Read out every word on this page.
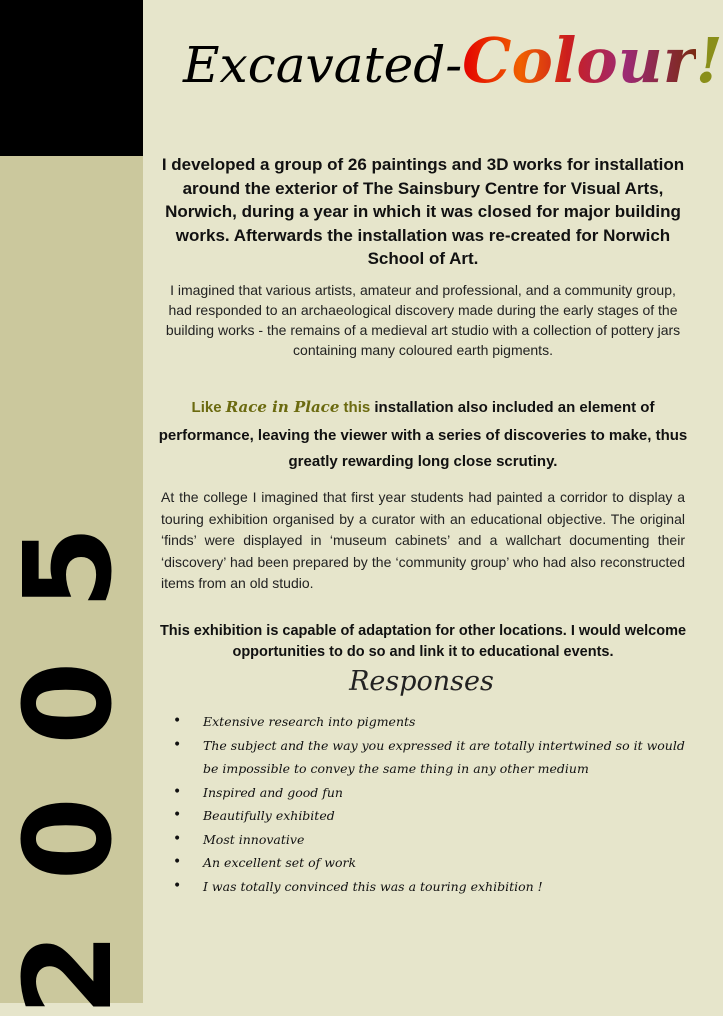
2005
Excavated-Colour!
I developed a group of 26 paintings and 3D works for installation around the exterior of The Sainsbury Centre for Visual Arts, Norwich, during a year in which it was closed for major building works. Afterwards the installation was re-created for Norwich School of Art.
I imagined that various artists, amateur and professional, and a community group, had responded to an archaeological discovery made during the early stages of the building works - the remains of a medieval art studio with a collection of pottery jars containing many coloured earth pigments.
Like Race in Place this installation also included an element of
performance, leaving the viewer with a series of discoveries to make, thus greatly rewarding long close scrutiny.
At the college I imagined that first year students had painted a corridor to display a touring exhibition organised by a curator with an educational objective. The original ‘finds’ were displayed in ‘museum cabinets’ and a wallchart documenting their ‘discovery’ had been prepared by the ‘community group’ who had also reconstructed items from an old studio.
This exhibition is capable of adaptation for other locations. I would welcome opportunities to do so and link it to educational events.
Responses
• Extensive research into pigments
• The subject and the way you expressed it are totally intertwined so it would be impossible to convey the same thing in any other medium
• Inspired and good fun
• Beautifully exhibited
• Most innovative
• An excellent set of work
• I was totally convinced this was a touring exhibition !
